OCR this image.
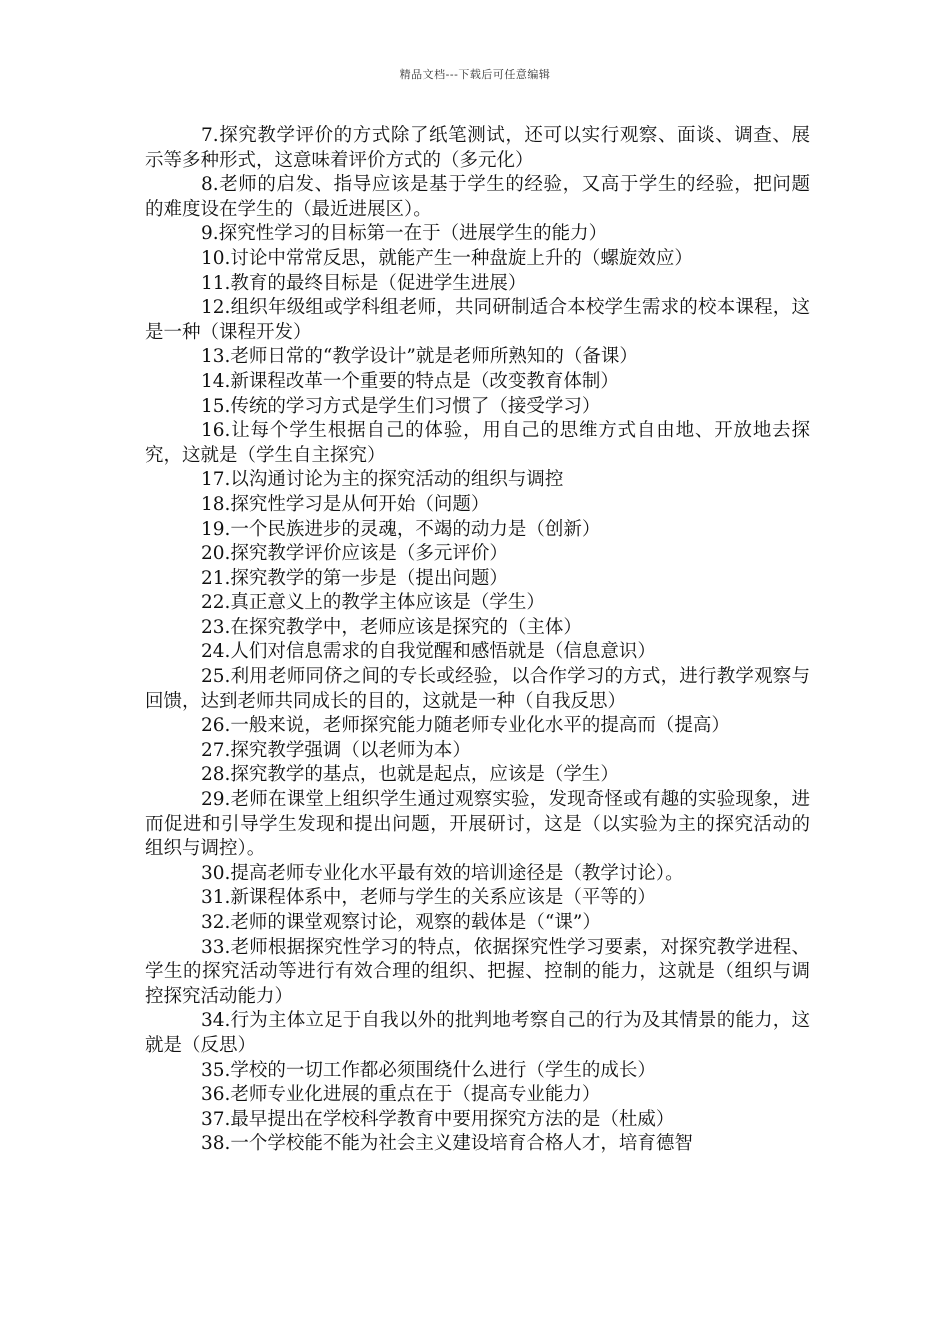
精品文档---下载后可任意编辑

7.探究教学评价的方式除了纸笔测试，还可以实行观察、面谈、调查、展示等多种形式，这意味着评价方式的（多元化）

8.老师的启发、指导应该是基于学生的经验，又高于学生的经验，把问题的难度设在学生的（最近进展区）。

9.探究性学习的目标第一在于（进展学生的能力）

10.讨论中常常反思，就能产生一种盘旋上升的（螺旋效应）

11.教育的最终目标是（促进学生进展）

12.组织年级组或学科组老师，共同研制适合本校学生需求的校本课程，这是一种（课程开发）

13.老师日常的“教学设计”就是老师所熟知的（备课）

14.新课程改革一个重要的特点是（改变教育体制）

15.传统的学习方式是学生们习惯了（接受学习）

16.让每个学生根据自己的体验，用自己的思维方式自由地、开放地去探究，这就是（学生自主探究）

17.以沟通讨论为主的探究活动的组织与调控

18.探究性学习是从何开始（问题）

19.一个民族进步的灵魂，不竭的动力是（创新）

20.探究教学评价应该是（多元评价）

21.探究教学的第一步是（提出问题）

22.真正意义上的教学主体应该是（学生）

23.在探究教学中，老师应该是探究的（主体）

24.人们对信息需求的自我觉醒和感悟就是（信息意识）

25.利用老师同侪之间的专长或经验，以合作学习的方式，进行教学观察与回馈，达到老师共同成长的目的，这就是一种（自我反思）

26.一般来说，老师探究能力随老师专业化水平的提高而（提高）

27.探究教学强调（以老师为本）

28.探究教学的基点，也就是起点，应该是（学生）

29.老师在课堂上组织学生通过观察实验，发现奇怪或有趣的实验现象，进而促进和引导学生发现和提出问题，开展研讨，这是（以实验为主的探究活动的组织与调控）。

30.提高老师专业化水平最有效的培训途径是（教学讨论）。

31.新课程体系中，老师与学生的关系应该是（平等的）

32.老师的课堂观察讨论，观察的载体是（“课”）

33.老师根据探究性学习的特点，依据探究性学习要素，对探究教学进程、学生的探究活动等进行有效合理的组织、把握、控制的能力，这就是（组织与调控探究活动能力）

34.行为主体立足于自我以外的批判地考察自己的行为及其情景的能力，这就是（反思）

35.学校的一切工作都必须围绕什么进行（学生的成长）

36.老师专业化进展的重点在于（提高专业能力）

37.最早提出在学校科学教育中要用探究方法的是（杜威）

38.一个学校能不能为社会主义建设培育合格人才，培育德智
